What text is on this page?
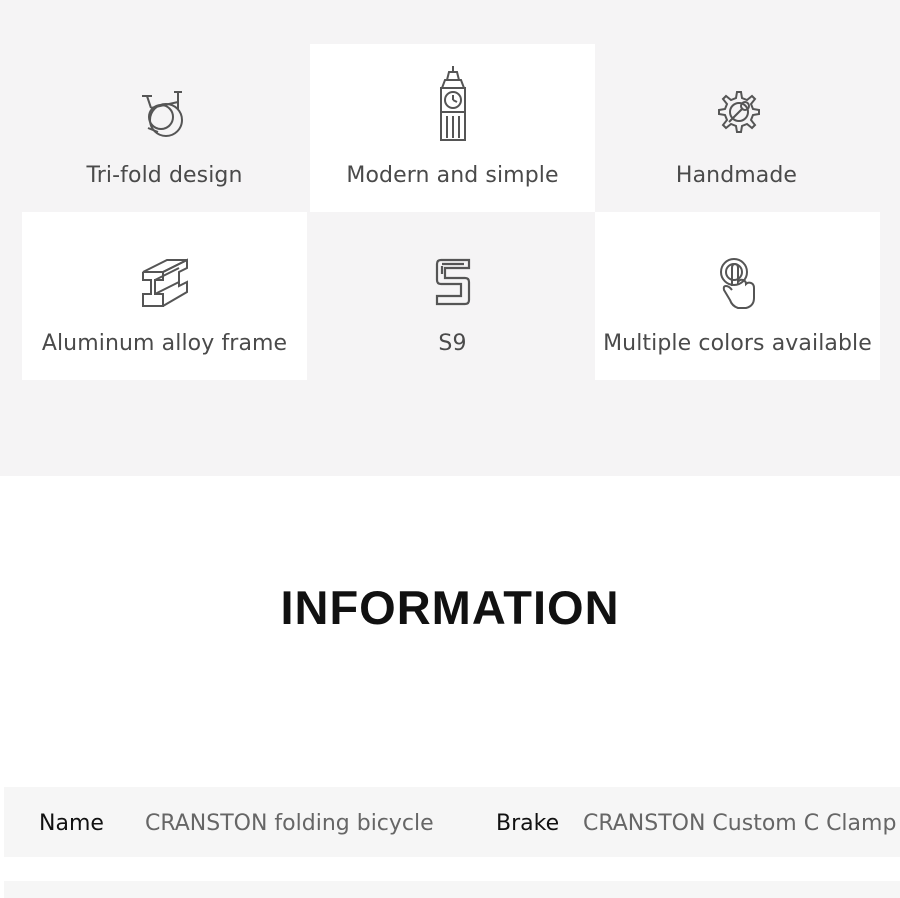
Tri-fold design	Modern and simple	Handmade
Aluminum alloy frame	S9	Multiple colors available
INFORMATION
Name CRANSTON folding bicycle	Brake CRANSTON Custom C Clamp
